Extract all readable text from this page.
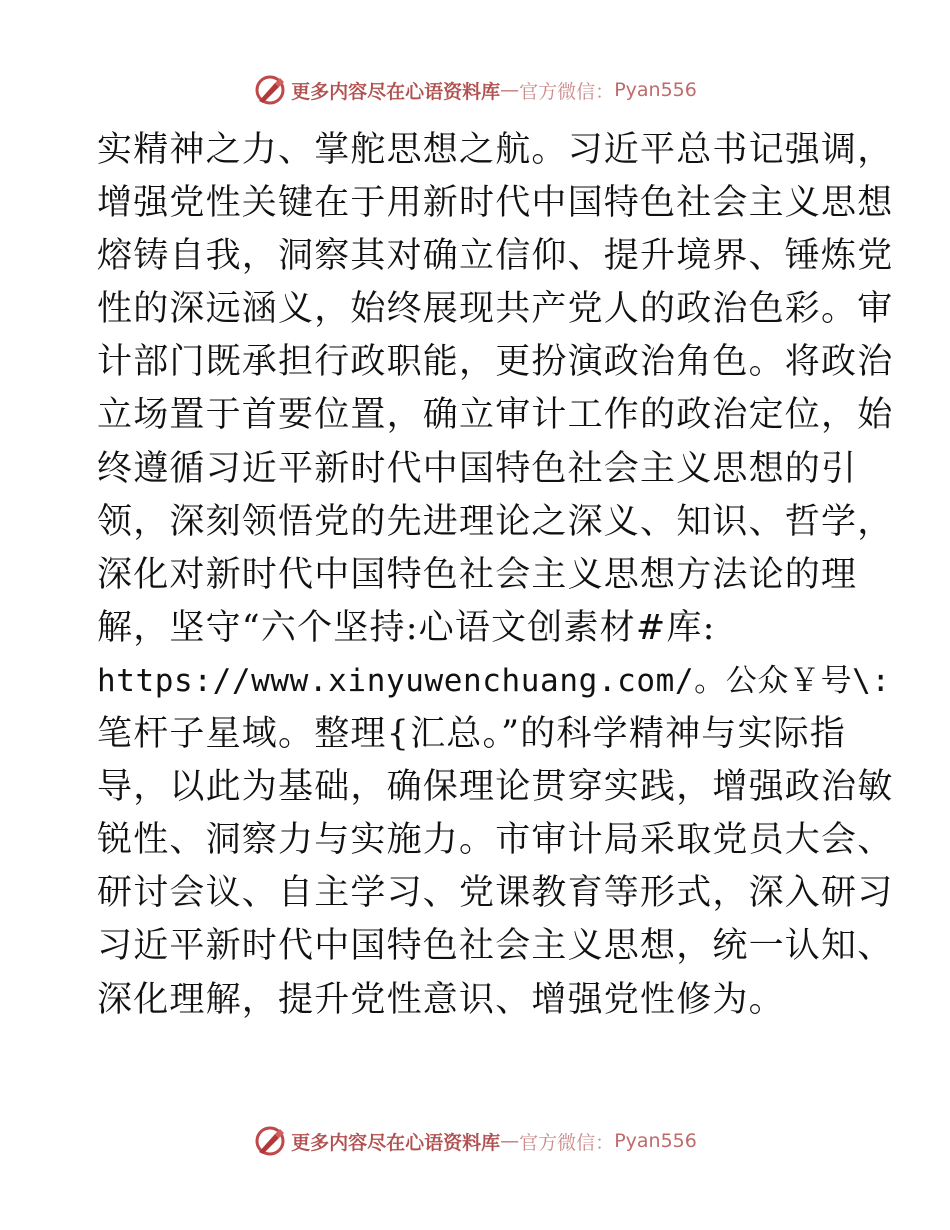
更多内容尽在心语资料库 — 官方微信： Pyan556
实精神之力、掌舵思想之航。习近平总书记强调，
增强党性关键在于用新时代中国特色社会主义思想
熔铸自我，洞察其对确立信仰、提升境界、锤炼党
性的深远涵义，始终展现共产党人的政治色彩。审
计部门既承担行政职能，更扮演政治角色。将政治
立场置于首要位置，确立审计工作的政治定位，始
终遵循习近平新时代中国特色社会主义思想的引
领，深刻领悟党的先进理论之深义、知识、哲学，
深化对新时代中国特色社会主义思想方法论的理
解，坚守“六个坚持:心语文创素材#库:
https://www.xinyuwenchuang.com/。公众￥号\:
笔杆子星域。整理{汇总。”的科学精神与实际指
导，以此为基础，确保理论贯穿实践，增强政治敏
锐性、洞察力与实施力。市审计局采取党员大会、
研讨会议、自主学习、党课教育等形式，深入研习
习近平新时代中国特色社会主义思想，统一认知、
深化理解，提升党性意识、增强党性修为。
更多内容尽在心语资料库 — 官方微信： Pyan556
